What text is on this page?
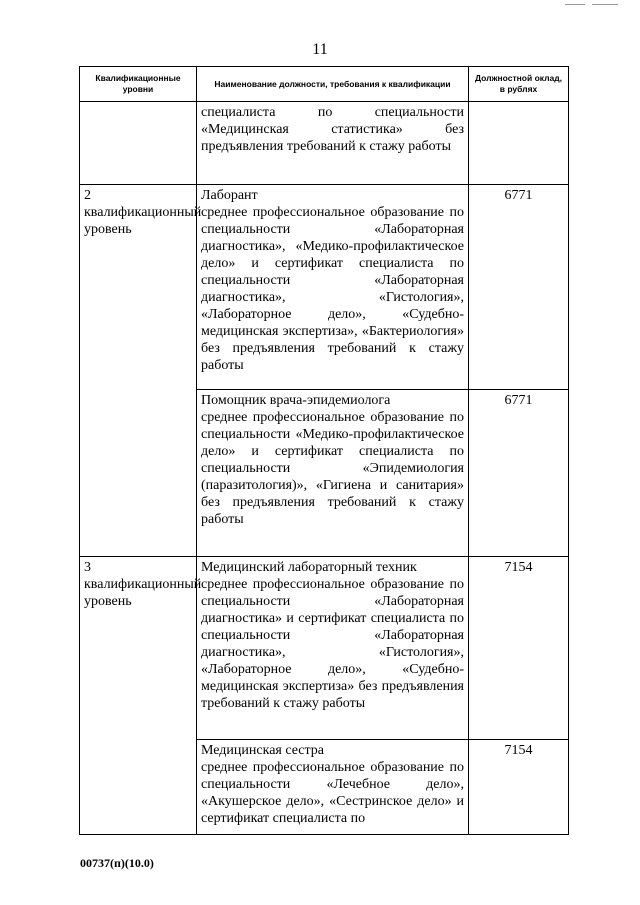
11
Квалификационные уровни	Наименование должности, требования к квалификации	Должностной оклад, в рублях

	специалиста по специальности «Медицинская статистика» без предъявления требований к стажу работы	

2 квалификационный уровень	Лаборант
среднее профессиональное образование по специальности «Лабораторная диагностика», «Медико-профилактическое дело» и сертификат специалиста по специальности «Лабораторная диагностика», «Гистология», «Лабораторное дело», «Судебно-медицинская экспертиза», «Бактериология» без предъявления требований к стажу работы	6771

	Помощник врача-эпидемиолога
среднее профессиональное образование по специальности «Медико-профилактическое дело» и сертификат специалиста по специальности «Эпидемиология (паразитология)», «Гигиена и санитария» без предъявления требований к стажу работы	6771
3 квалификационный уровень	Медицинский лабораторный техник
среднее профессиональное образование по специальности «Лабораторная диагностика» и сертификат специалиста по специальности «Лабораторная диагностика», «Гистология», «Лабораторное дело», «Судебно-медицинская экспертиза» без предъявления требований к стажу работы	7154

	Медицинская сестра
среднее профессиональное образование по специальности «Лечебное дело», «Акушерское дело», «Сестринское дело» и сертификат специалиста по	7154
00737(п)(10.0)
